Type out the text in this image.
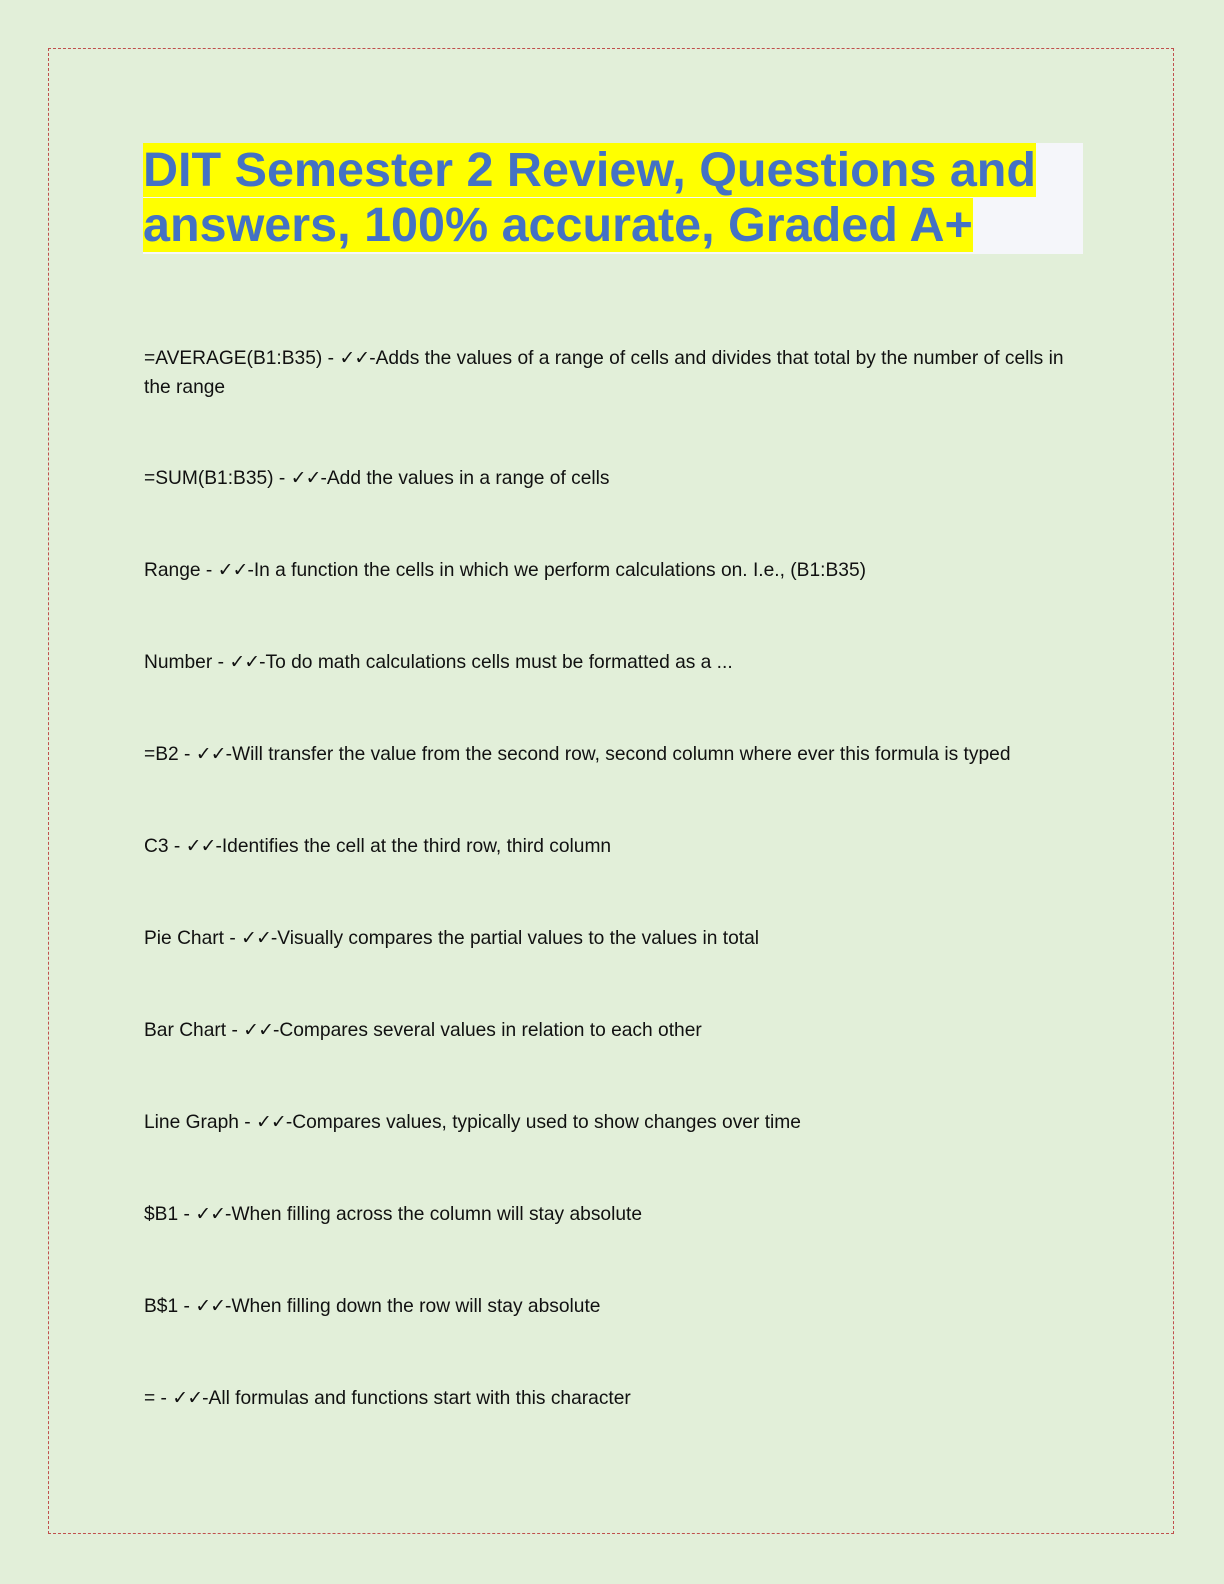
DIT Semester 2 Review, Questions and answers, 100% accurate, Graded A+
=AVERAGE(B1:B35) - ✓✓-Adds the values of a range of cells and divides that total by the number of cells in the range
=SUM(B1:B35) - ✓✓-Add the values in a range of cells
Range - ✓✓-In a function the cells in which we perform calculations on. I.e., (B1:B35)
Number - ✓✓-To do math calculations cells must be formatted as a ...
=B2 - ✓✓-Will transfer the value from the second row, second column where ever this formula is typed
C3 - ✓✓-Identifies the cell at the third row, third column
Pie Chart - ✓✓-Visually compares the partial values to the values in total
Bar Chart - ✓✓-Compares several values in relation to each other
Line Graph - ✓✓-Compares values, typically used to show changes over time
$B1 - ✓✓-When filling across the column will stay absolute
B$1 - ✓✓-When filling down the row will stay absolute
= - ✓✓-All formulas and functions start with this character
